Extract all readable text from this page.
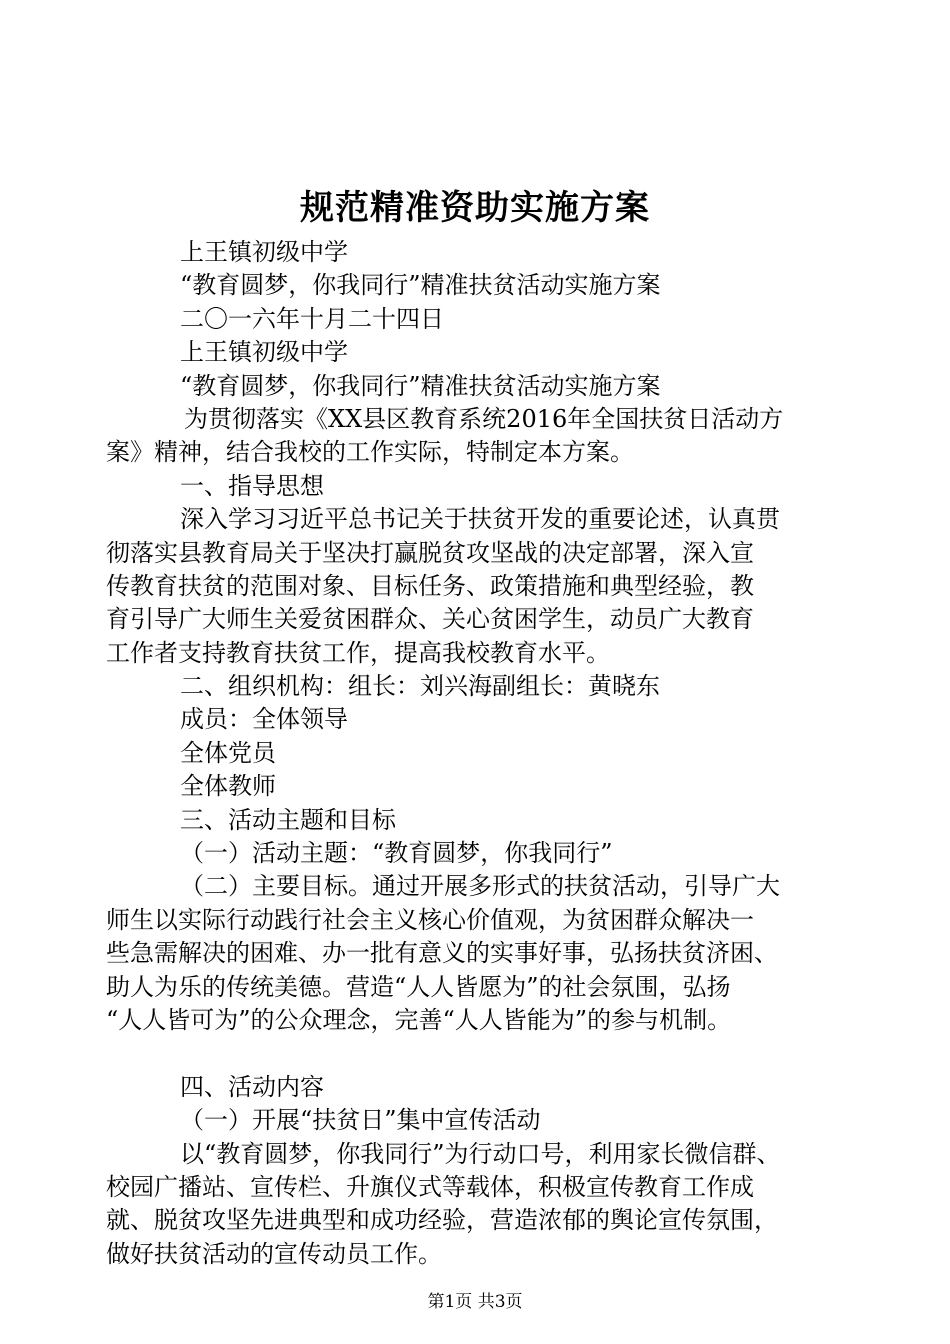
规范精准资助实施方案
上王镇初级中学
“教育圆梦，你我同行”精准扶贫活动实施方案
二〇一六年十月二十四日
上王镇初级中学
“教育圆梦，你我同行”精准扶贫活动实施方案
为贯彻落实《XX县区教育系统2016年全国扶贫日活动方
案》精神，结合我校的工作实际，特制定本方案。
一、指导思想
深入学习习近平总书记关于扶贫开发的重要论述，认真贯
彻落实县教育局关于坚决打赢脱贫攻坚战的决定部署，深入宣
传教育扶贫的范围对象、目标任务、政策措施和典型经验，教
育引导广大师生关爱贫困群众、关心贫困学生，动员广大教育
工作者支持教育扶贫工作，提高我校教育水平。
二、组织机构：组长：刘兴海副组长：黄晓东
成员：全体领导
全体党员
全体教师
三、活动主题和目标
（一）活动主题：“教育圆梦，你我同行”
（二）主要目标。通过开展多形式的扶贫活动，引导广大
师生以实际行动践行社会主义核心价值观，为贫困群众解决一
些急需解决的困难、办一批有意义的实事好事，弘扬扶贫济困、
助人为乐的传统美德。营造“人人皆愿为”的社会氛围，弘扬
“人人皆可为”的公众理念，完善“人人皆能为”的参与机制。
四、活动内容
（一）开展“扶贫日”集中宣传活动
以“教育圆梦，你我同行”为行动口号，利用家长微信群、
校园广播站、宣传栏、升旗仪式等载体，积极宣传教育工作成
就、脱贫攻坚先进典型和成功经验，营造浓郁的舆论宣传氛围，
做好扶贫活动的宣传动员工作。
第1页 共3页
